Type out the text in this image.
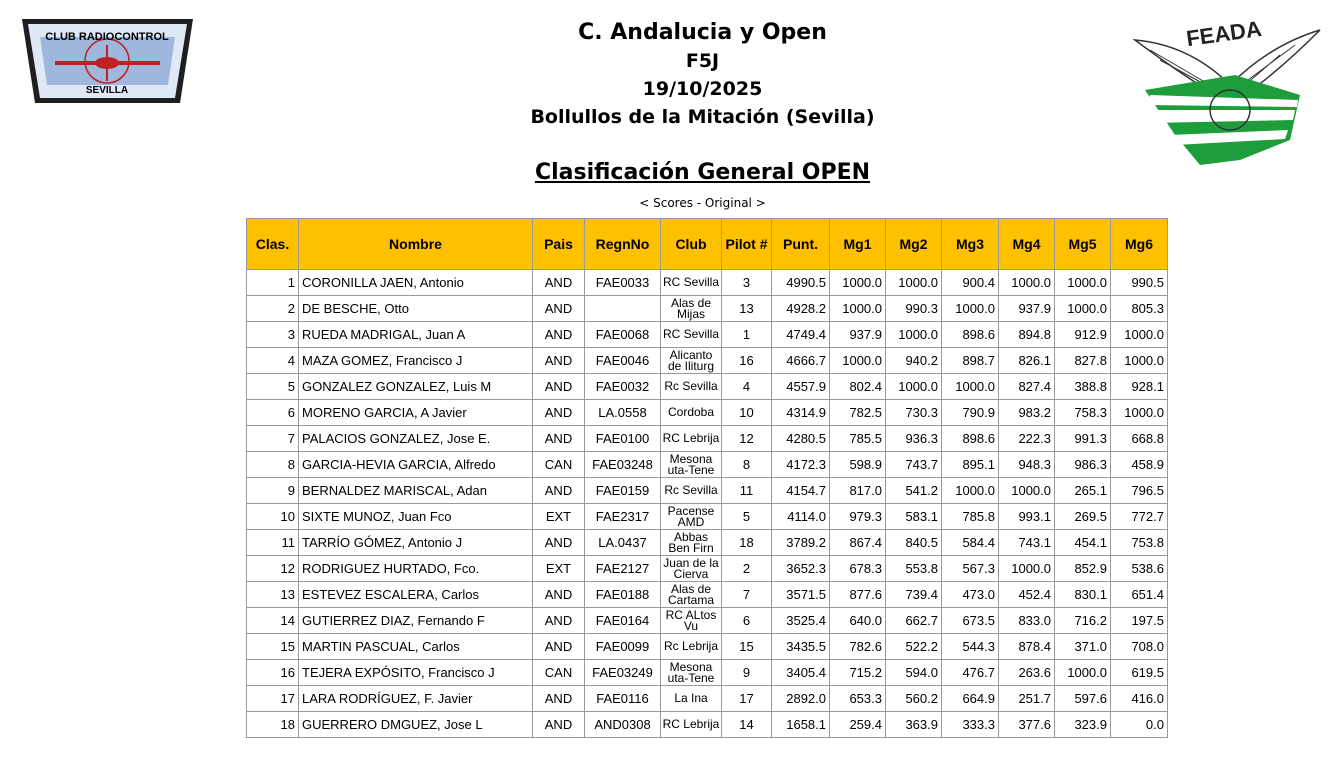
CLUB RADIOCONTROL
SEVILLA
FEADA
C. Andalucia y Open
F5J
19/10/2025
Bollullos de la Mitación (Sevilla)
Clasificación General OPEN
< Scores - Original >
Clas.	Nombre	Pais	RegnNo	Club	Pilot #	Punt.	Mg1	Mg2	Mg3	Mg4	Mg5	Mg6
1	CORONILLA JAEN, Antonio	AND	FAE0033	RC Sevilla	3	4990.5	1000.0	1000.0	900.4	1000.0	1000.0	990.5
2	DE BESCHE, Otto	AND		Alas de Mijas	13	4928.2	1000.0	990.3	1000.0	937.9	1000.0	805.3
3	RUEDA MADRIGAL, Juan A	AND	FAE0068	RC Sevilla	1	4749.4	937.9	1000.0	898.6	894.8	912.9	1000.0
4	MAZA GOMEZ, Francisco J	AND	FAE0046	Alicanto de Iliturg	16	4666.7	1000.0	940.2	898.7	826.1	827.8	1000.0
5	GONZALEZ GONZALEZ, Luis M	AND	FAE0032	Rc Sevilla	4	4557.9	802.4	1000.0	1000.0	827.4	388.8	928.1
6	MORENO GARCIA, A Javier	AND	LA.0558	Cordoba	10	4314.9	782.5	730.3	790.9	983.2	758.3	1000.0
7	PALACIOS GONZALEZ, Jose E.	AND	FAE0100	RC Lebrija	12	4280.5	785.5	936.3	898.6	222.3	991.3	668.8
8	GARCIA-HEVIA GARCIA, Alfredo	CAN	FAE03248	Mesona uta-Tene	8	4172.3	598.9	743.7	895.1	948.3	986.3	458.9
9	BERNALDEZ MARISCAL, Adan	AND	FAE0159	Rc Sevilla	11	4154.7	817.0	541.2	1000.0	1000.0	265.1	796.5
10	SIXTE MUNOZ, Juan Fco	EXT	FAE2317	Pacense AMD	5	4114.0	979.3	583.1	785.8	993.1	269.5	772.7
11	TARRÍO GÓMEZ, Antonio J	AND	LA.0437	Abbas Ben Firn	18	3789.2	867.4	840.5	584.4	743.1	454.1	753.8
12	RODRIGUEZ HURTADO, Fco.	EXT	FAE2127	Juan de la Cierva	2	3652.3	678.3	553.8	567.3	1000.0	852.9	538.6
13	ESTEVEZ ESCALERA, Carlos	AND	FAE0188	Alas de Cartama	7	3571.5	877.6	739.4	473.0	452.4	830.1	651.4
14	GUTIERREZ DIAZ, Fernando F	AND	FAE0164	RC ALtos Vu	6	3525.4	640.0	662.7	673.5	833.0	716.2	197.5
15	MARTIN PASCUAL, Carlos	AND	FAE0099	Rc Lebrija	15	3435.5	782.6	522.2	544.3	878.4	371.0	708.0
16	TEJERA EXPÓSITO, Francisco J	CAN	FAE03249	Mesona uta-Tene	9	3405.4	715.2	594.0	476.7	263.6	1000.0	619.5
17	LARA RODRÍGUEZ, F. Javier	AND	FAE0116	La Ina	17	2892.0	653.3	560.2	664.9	251.7	597.6	416.0
18	GUERRERO DMGUEZ, Jose L	AND	AND0308	RC Lebrija	14	1658.1	259.4	363.9	333.3	377.6	323.9	0.0
